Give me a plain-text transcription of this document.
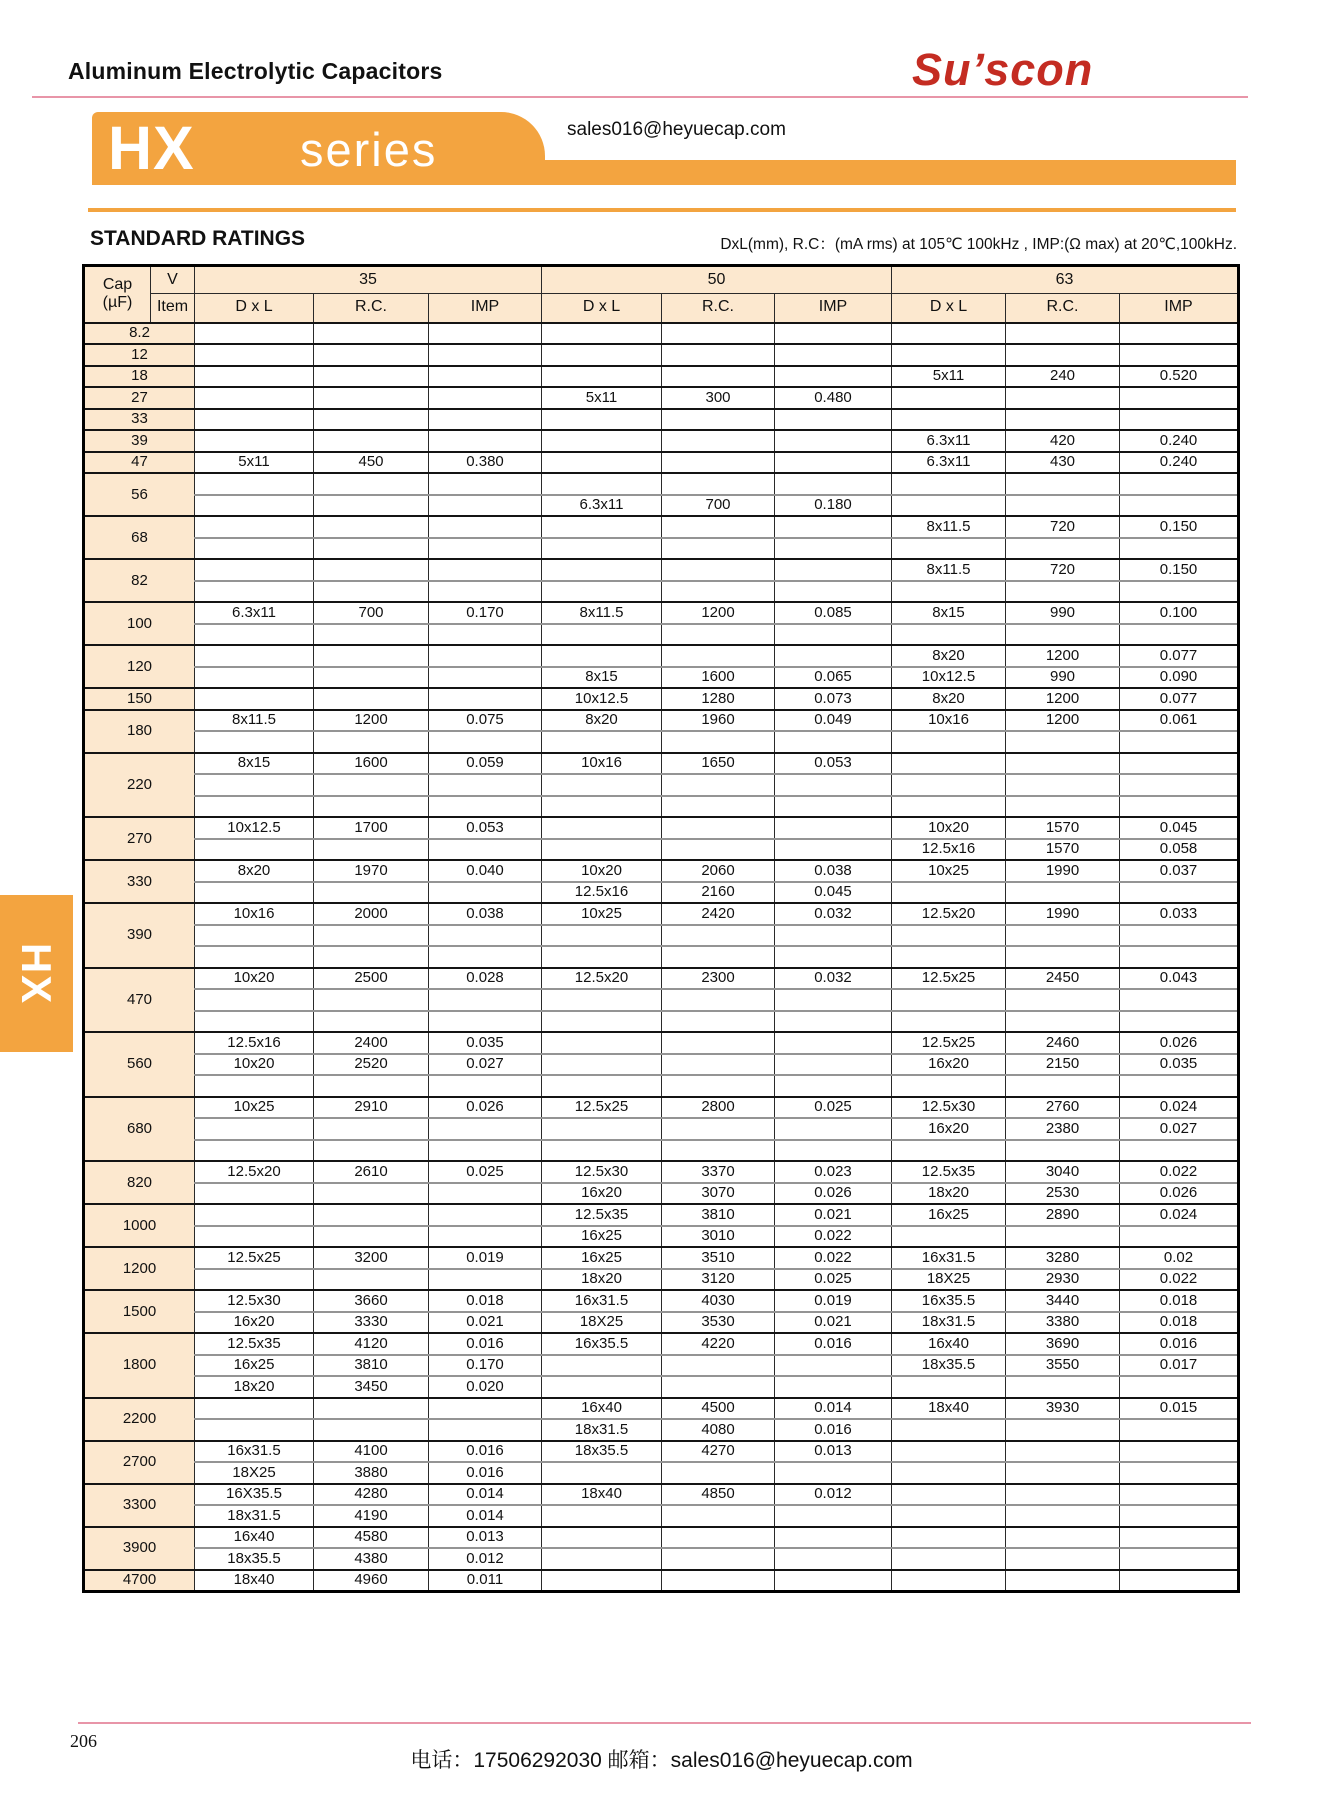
Aluminum Electrolytic Capacitors	Su’scon
HX series	sales016@heyuecap.com
STANDARD RATINGS	DxL(mm), R.C：(mA rms) at 105℃ 100kHz , IMP:(Ω max) at 20℃,100kHz.
Cap
(µF)	V	35			50			63		
	Item	D x L	R.C.	IMP	D x L	R.C.	IMP	D x L	R.C.	IMP
8.2										
12										
18								5x11	240	0.520
27					5x11	300	0.480			
33										
39								6.3x11	420	0.240
47		5x11	450	0.380				6.3x11	430	0.240
56										
					6.3x11	700	0.180			
68								8x11.5	720	0.150

82								8x11.5	720	0.150

100		6.3x11	700	0.170	8x11.5	1200	0.085	8x15	990	0.100

120								8x20	1200	0.077
					8x15	1600	0.065	10x12.5	990	0.090
150					10x12.5	1280	0.073	8x20	1200	0.077
180		8x11.5	1200	0.075	8x20	1960	0.049	10x16	1200	0.061

220		8x15	1600	0.059	10x16	1650	0.053			

270		10x12.5	1700	0.053				10x20	1570	0.045
								12.5x16	1570	0.058
330		8x20	1970	0.040	10x20	2060	0.038	10x25	1990	0.037
					12.5x16	2160	0.045			
390		10x16	2000	0.038	10x25	2420	0.032	12.5x20	1990	0.033

470		10x20	2500	0.028	12.5x20	2300	0.032	12.5x25	2450	0.043

560		12.5x16	2400	0.035				12.5x25	2460	0.026
		10x20	2520	0.027				16x20	2150	0.035

680		10x25	2910	0.026	12.5x25	2800	0.025	12.5x30	2760	0.024
								16x20	2380	0.027

820		12.5x20	2610	0.025	12.5x30	3370	0.023	12.5x35	3040	0.022
					16x20	3070	0.026	18x20	2530	0.026
1000					12.5x35	3810	0.021	16x25	2890	0.024
					16x25	3010	0.022			
1200		12.5x25	3200	0.019	16x25	3510	0.022	16x31.5	3280	0.02
					18x20	3120	0.025	18X25	2930	0.022
1500		12.5x30	3660	0.018	16x31.5	4030	0.019	16x35.5	3440	0.018
		16x20	3330	0.021	18X25	3530	0.021	18x31.5	3380	0.018
1800		12.5x35	4120	0.016	16x35.5	4220	0.016	16x40	3690	0.016
		16x25	3810	0.170				18x35.5	3550	0.017
		18x20	3450	0.020						
2200					16x40	4500	0.014	18x40	3930	0.015
					18x31.5	4080	0.016			
2700		16x31.5	4100	0.016	18x35.5	4270	0.013			
		18X25	3880	0.016						
3300		16X35.5	4280	0.014	18x40	4850	0.012			
		18x31.5	4190	0.014						
3900		16x40	4580	0.013						
		18x35.5	4380	0.012						
4700		18x40	4960	0.011						
HX
206
电话：17506292030 邮箱：sales016@heyuecap.com
